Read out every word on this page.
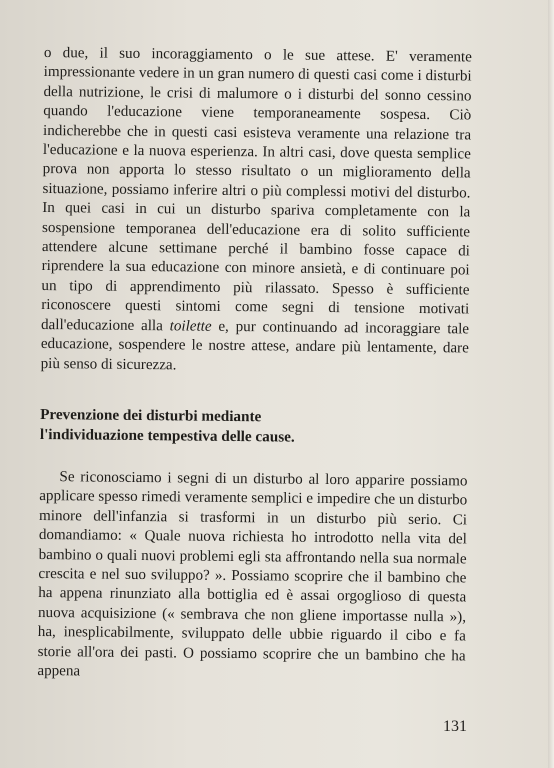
o due, il suo incoraggiamento o le sue attese. E' veramente impressionante vedere in un gran numero di questi casi come i disturbi della nutrizione, le crisi di malumore o i disturbi del sonno cessino quando l'educazione viene temporaneamente sospesa. Ciò indicherebbe che in questi casi esisteva veramente una relazione tra l'educazione e la nuova esperienza. In altri casi, dove questa semplice prova non apporta lo stesso risultato o un miglioramento della situazione, possiamo inferire altri o più complessi motivi del disturbo. In quei casi in cui un disturbo spariva completamente con la sospensione temporanea dell'educazione era di solito sufficiente attendere alcune settimane perché il bambino fosse capace di riprendere la sua educazione con minore ansietà, e di continuare poi un tipo di apprendimento più rilassato. Spesso è sufficiente riconoscere questi sintomi come segni di tensione motivati dall'educazione alla toilette e, pur continuando ad incoraggiare tale educazione, sospendere le nostre attese, andare più lentamente, dare più senso di sicurezza.

Prevenzione dei disturbi mediante
l'individuazione tempestiva delle cause.

Se riconosciamo i segni di un disturbo al loro apparire possiamo applicare spesso rimedi veramente semplici e impedire che un disturbo minore dell'infanzia si trasformi in un disturbo più serio. Ci domandiamo: « Quale nuova richiesta ho introdotto nella vita del bambino o quali nuovi problemi egli sta affrontando nella sua normale crescita e nel suo sviluppo? ». Possiamo scoprire che il bambino che ha appena rinunziato alla bottiglia ed è assai orgoglioso di questa nuova acquisizione (« sembrava che non gliene importasse nulla »), ha, inesplicabilmente, sviluppato delle ubbie riguardo il cibo e fa storie all'ora dei pasti. O possiamo scoprire che un bambino che ha appena

131
